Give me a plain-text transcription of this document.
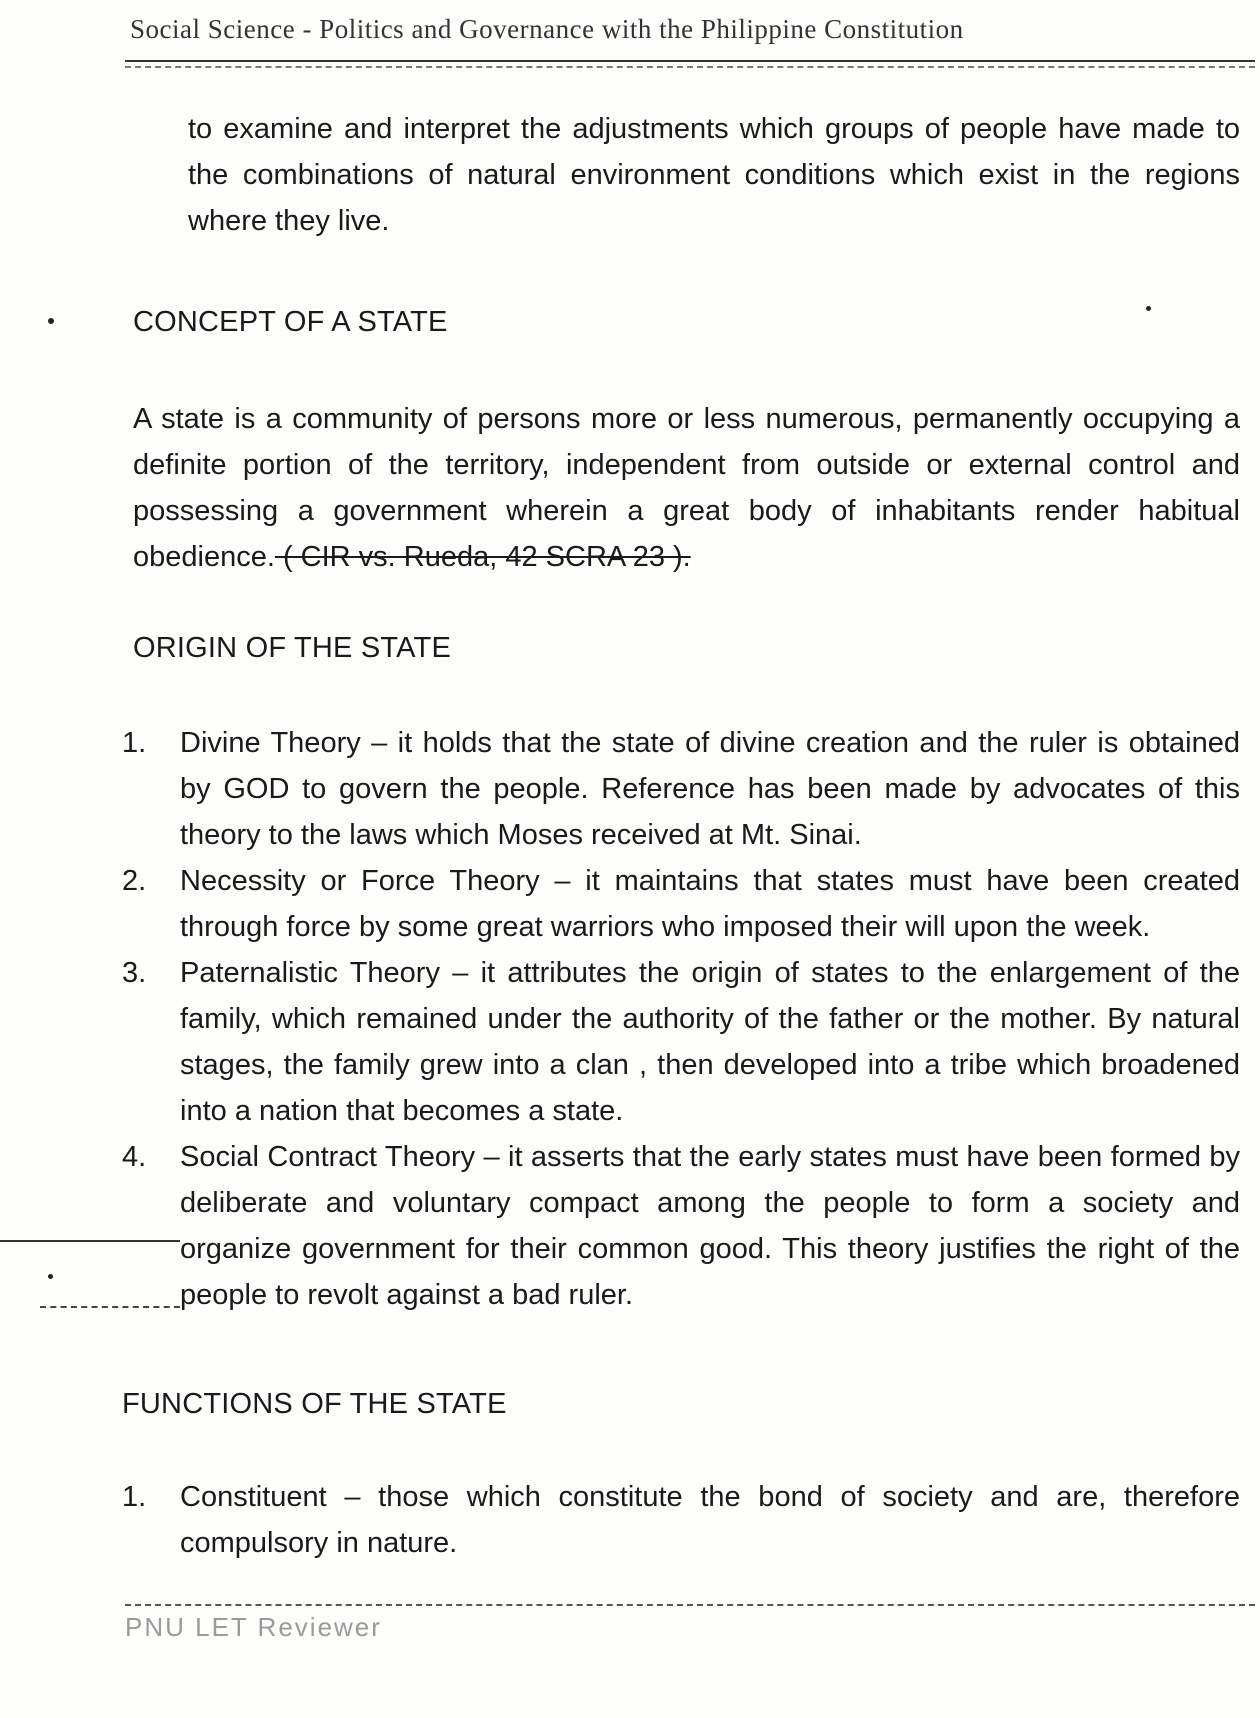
Social Science - Politics and Governance with the Philippine Constitution

to examine and interpret the adjustments which groups of people have made to the combinations of natural environment conditions which exist in the regions where they live.

CONCEPT OF A STATE

A state is a community of persons more or less numerous, permanently occupying a definite portion of the territory, independent from outside or external control and possessing a government wherein a great body of inhabitants render habitual obedience. ( CIR vs. Rueda, 42 SCRA 23 ).

ORIGIN OF THE STATE
1. Divine Theory – it holds that the state of divine creation and the ruler is obtained by GOD to govern the people. Reference has been made by advocates of this theory to the laws which Moses received at Mt. Sinai.
2. Necessity or Force Theory – it maintains that states must have been created through force by some great warriors who imposed their will upon the week.
3. Paternalistic Theory – it attributes the origin of states to the enlargement of the family, which remained under the authority of the father or the mother. By natural stages, the family grew into a clan , then developed into a tribe which broadened into a nation that becomes a state.
4. Social Contract Theory – it asserts that the early states must have been formed by deliberate and voluntary compact among the people to form a society and organize government for their common good. This theory justifies the right of the people to revolt against a bad ruler.
FUNCTIONS OF THE STATE
1. Constituent – those which constitute the bond of society and are, therefore compulsory in nature.
PNU LET Reviewer
